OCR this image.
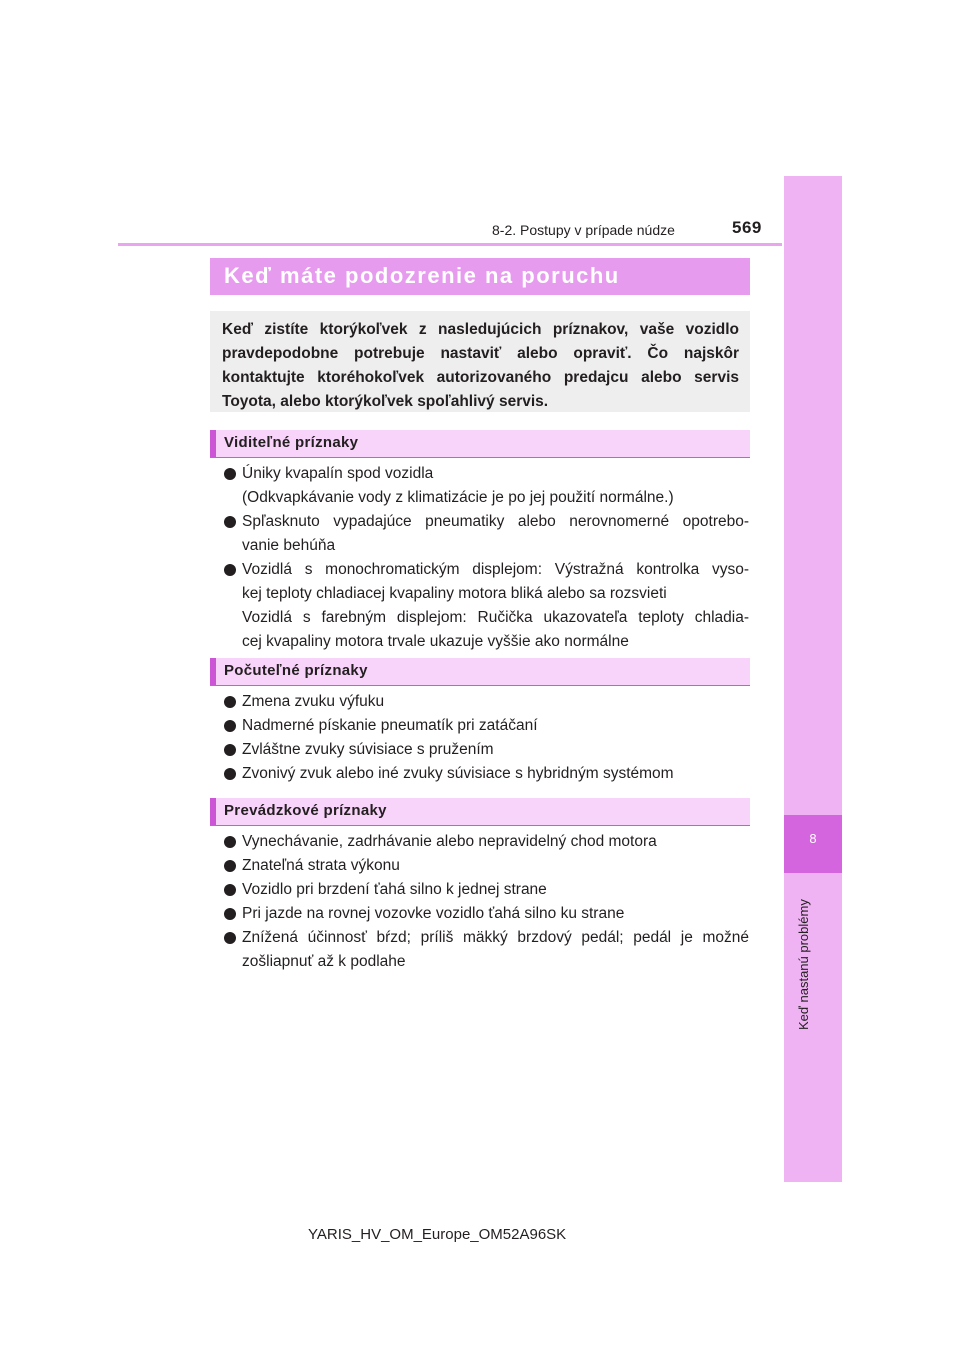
8
Keď nastanú problémy
8-2. Postupy v prípade núdze	569
Keď máte podozrenie na poruchu

Keď zistíte ktorýkoľvek z nasledujúcich príznakov, vaše vozidlo pravdepodobne potrebuje nastaviť alebo opraviť. Čo najskôr kontaktujte ktoréhokoľvek autorizovaného predajcu alebo servis Toyota, alebo ktorýkoľvek spoľahlivý servis.

Viditeľné príznaky
Úniky kvapalín spod vozidla
(Odkvapkávanie vody z klimatizácie je po jej použití normálne.)
Spľasknuto vypadajúce pneumatiky alebo nerovnomerné opotrebo-
vanie behúňa
Vozidlá s monochromatickým displejom: Výstražná kontrolka vyso-
kej teploty chladiacej kvapaliny motora bliká alebo sa rozsvieti
Vozidlá s farebným displejom: Ručička ukazovateľa teploty chladia-
cej kvapaliny motora trvale ukazuje vyššie ako normálne
Počuteľné príznaky
Zmena zvuku výfuku
Nadmerné pískanie pneumatík pri zatáčaní
Zvláštne zvuky súvisiace s pružením
Zvonivý zvuk alebo iné zvuky súvisiace s hybridným systémom
Prevádzkové príznaky
Vynechávanie, zadrhávanie alebo nepravidelný chod motora
Znateľná strata výkonu
Vozidlo pri brzdení ťahá silno k jednej strane
Pri jazde na rovnej vozovke vozidlo ťahá silno ku strane
Znížená účinnosť bŕzd; príliš mäkký brzdový pedál; pedál je možné
zošliapnuť až k podlahe
YARIS_HV_OM_Europe_OM52A96SK
